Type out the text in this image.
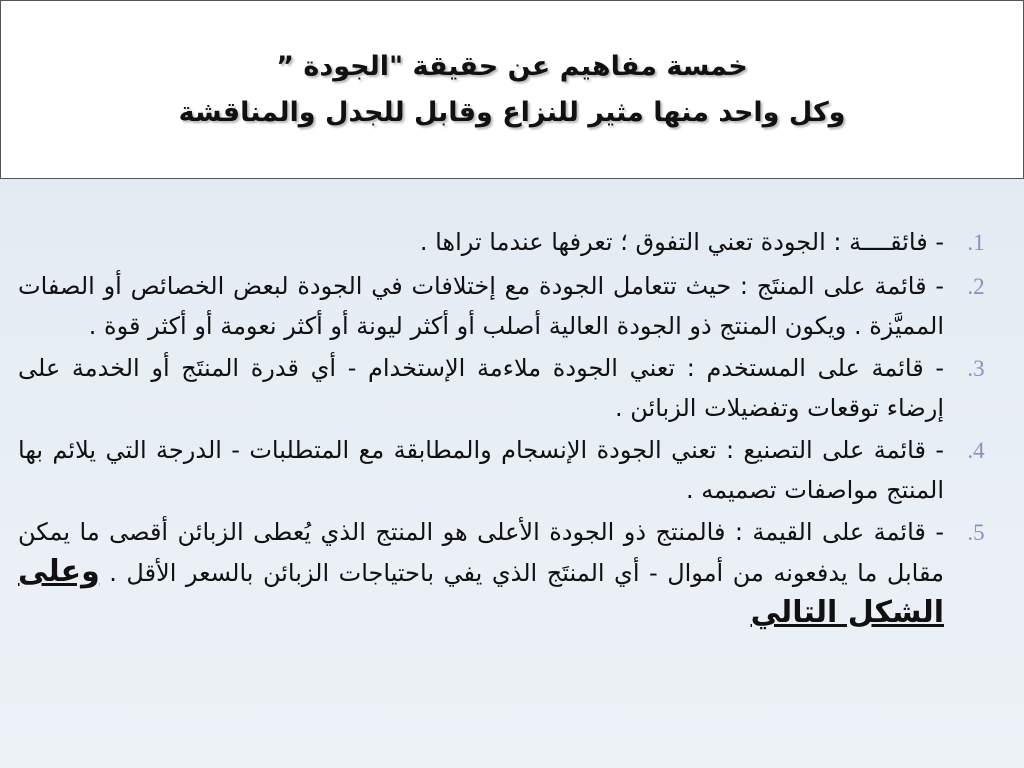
خمسة مفاهيم عن حقيقة "الجودة ”
وكل واحد منها مثير للنزاع وقابل للجدل والمناقشة
1.
- فائقــــة : الجودة تعني التفوق ؛ تعرفها عندما تراها .
2.
- قائمة على المنتَج : حيث تتعامل الجودة مع إختلافات في الجودة لبعض الخصائص أو الصفات المميَّزة . ويكون المنتج ذو الجودة العالية أصلب أو أكثر ليونة أو أكثر نعومة أو أكثر قوة .
3.
- قائمة على المستخدم : تعني الجودة ملاءمة الإستخدام - أي قدرة المنتَج أو الخدمة على إرضاء توقعات وتفضيلات الزبائن .
4.
- قائمة على التصنيع : تعني الجودة الإنسجام والمطابقة مع المتطلبات - الدرجة التي يلائم بها المنتج مواصفات تصميمه .
5.
- قائمة على القيمة : فالمنتج ذو الجودة الأعلى هو المنتج الذي يُعطى الزبائن أقصى ما يمكن مقابل ما يدفعونه من أموال - أي المنتَج الذي يفي باحتياجات الزبائن بالسعر الأقل . وعلى الشكل التالي
